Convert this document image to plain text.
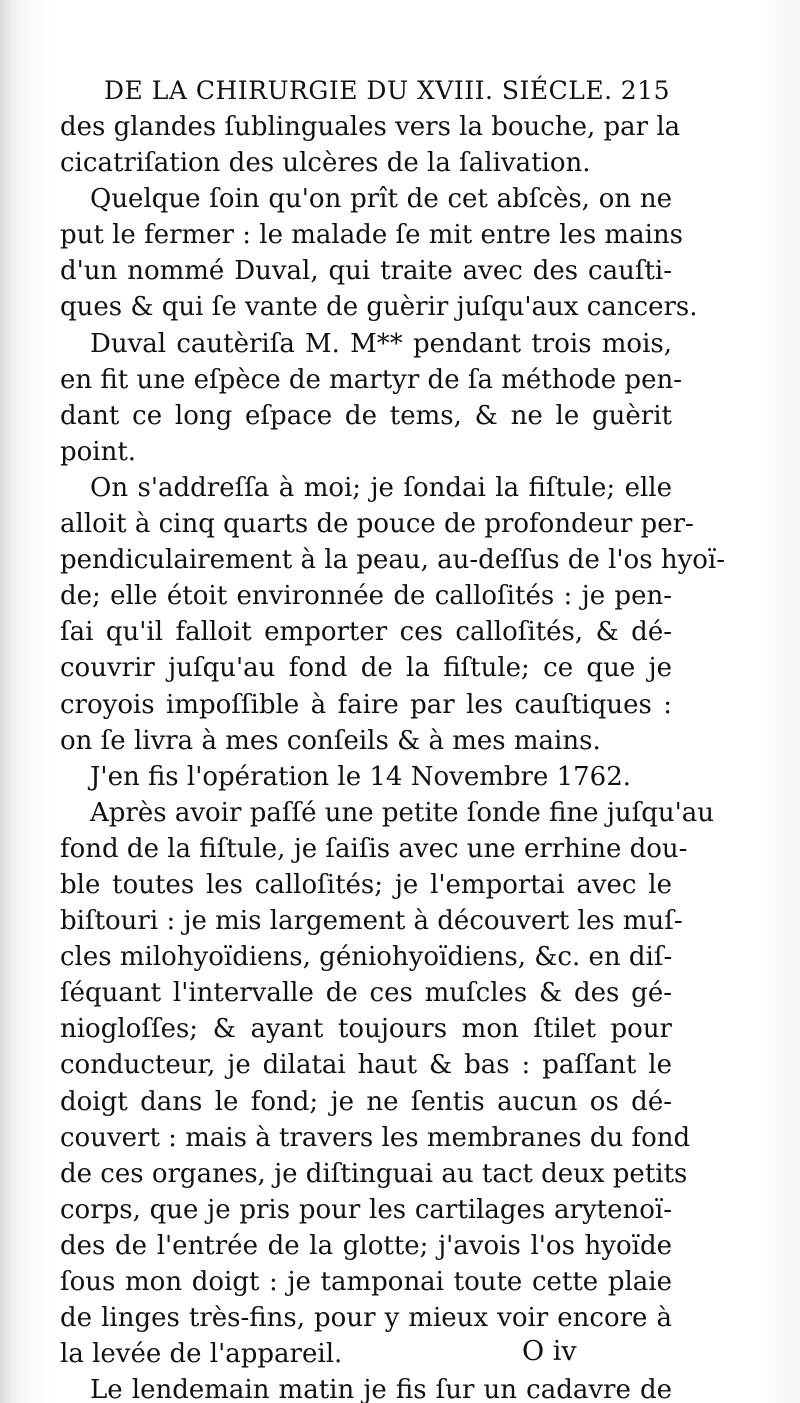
DE LA CHIRURGIE DU XVIII. SIÉCLE. 215
des glandes ſublinguales vers la bouche, par la
cicatriſation des ulcères de la ſalivation.
Quelque ſoin qu'on prît de cet abſcès, on ne
put le fermer : le malade ſe mit entre les mains
d'un nommé Duval, qui traite avec des cauſti-
ques & qui ſe vante de guèrir juſqu'aux cancers.
Duval cautèriſa M. M** pendant trois mois,
en fit une eſpèce de martyr de ſa méthode pen-
dant ce long eſpace de tems, & ne le guèrit
point.
On s'addreſſa à moi; je ſondai la fiſtule; elle
alloit à cinq quarts de pouce de profondeur per-
pendiculairement à la peau, au-deſſus de l'os hyoï-
de; elle étoit environnée de calloſités : je pen-
ſai qu'il falloit emporter ces calloſités, & dé-
couvrir juſqu'au fond de la fiſtule; ce que je
croyois impoſſible à faire par les cauſtiques :
on ſe livra à mes conſeils & à mes mains.
J'en fis l'opération le 14 Novembre 1762.
Après avoir paſſé une petite ſonde fine juſqu'au
fond de la fiſtule, je ſaiſis avec une errhine dou-
ble toutes les calloſités; je l'emportai avec le
biſtouri : je mis largement à découvert les muſ-
cles milohyoïdiens, géniohyoïdiens, &c. en diſ-
ſéquant l'intervalle de ces muſcles & des gé-
niogloſſes; & ayant toujours mon ſtilet pour
conducteur, je dilatai haut & bas : paſſant le
doigt dans le fond; je ne ſentis aucun os dé-
couvert : mais à travers les membranes du fond
de ces organes, je diſtinguai au tact deux petits
corps, que je pris pour les cartilages arytenoï-
des de l'entrée de la glotte; j'avois l'os hyoïde
ſous mon doigt : je tamponai toute cette plaie
de linges très-fins, pour y mieux voir encore à
la levée de l'appareil.
Le lendemain matin je fis ſur un cadavre de
O iv
